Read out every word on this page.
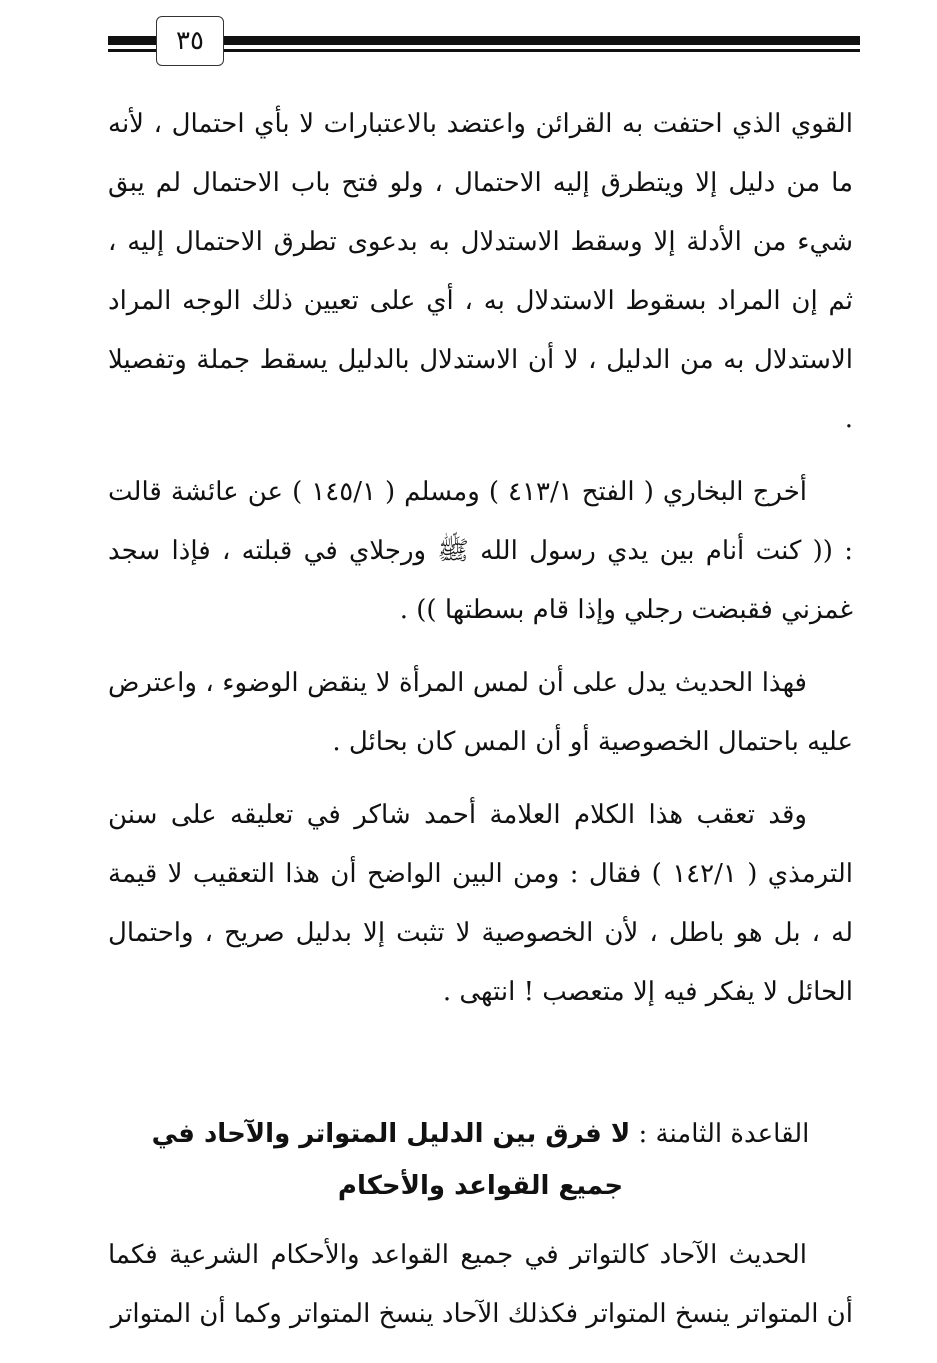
٣٥

القوي الذي احتفت به القرائن واعتضد بالاعتبارات لا بأي احتمال ، لأنه ما من دليل إلا ويتطرق إليه الاحتمال ، ولو فتح باب الاحتمال لم يبق شيء من الأدلة إلا وسقط الاستدلال به بدعوى تطرق الاحتمال إليه ، ثم إن المراد بسقوط الاستدلال به ، أي على تعيين ذلك الوجه المراد الاستدلال به من الدليل ، لا أن الاستدلال بالدليل يسقط جملة وتفصيلا .

أخرج البخاري ( الفتح ٤١٣/١ ) ومسلم ( ١٤٥/١ ) عن عائشة قالت : (( كنت أنام بين يدي رسول الله ﷺ ورجلاي في قبلته ، فإذا سجد غمزني فقبضت رجلي وإذا قام بسطتها )) .

فهذا الحديث يدل على أن لمس المرأة لا ينقض الوضوء ، واعترض عليه باحتمال الخصوصية أو أن المس كان بحائل .

وقد تعقب هذا الكلام العلامة أحمد شاكر في تعليقه على سنن الترمذي ( ١٤٢/١ ) فقال : ومن البين الواضح أن هذا التعقيب لا قيمة له ، بل هو باطل ، لأن الخصوصية لا تثبت إلا بدليل صريح ، واحتمال الحائل لا يفكر فيه إلا متعصب ! انتهى .

القاعدة الثامنة : لا فرق بين الدليل المتواتر والآحاد في
جميع القواعد والأحكام

الحديث الآحاد كالتواتر في جميع القواعد والأحكام الشرعية فكما أن المتواتر ينسخ المتواتر فكذلك الآحاد ينسخ المتواتر وكما أن المتواتر
